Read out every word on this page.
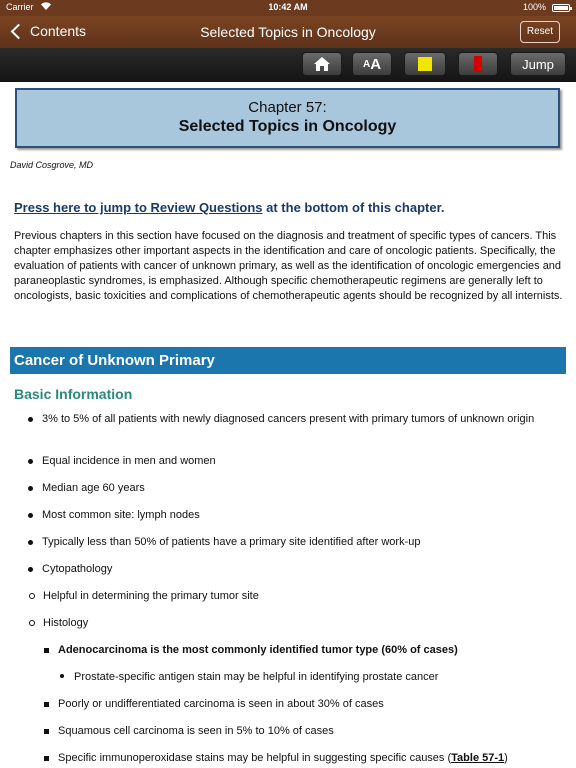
Carrier	10:42 AM	100%
Contents	Selected Topics in Oncology	Reset
A A	Jump
Chapter 57:
Selected Topics in Oncology
David Cosgrove, MD
Press here to jump to Review Questions at the bottom of this chapter.
Previous chapters in this section have focused on the diagnosis and treatment of specific types of cancers. This chapter emphasizes other important aspects in the identification and care of oncologic patients. Specifically, the evaluation of patients with cancer of unknown primary, as well as the identification of oncologic emergencies and paraneoplastic syndromes, is emphasized. Although specific chemotherapeutic regimens are generally left to oncologists, basic toxicities and complications of chemotherapeutic agents should be recognized by all internists.
Cancer of Unknown Primary
Basic Information
3% to 5% of all patients with newly diagnosed cancers present with primary tumors of unknown origin
Equal incidence in men and women
Median age 60 years
Most common site: lymph nodes
Typically less than 50% of patients have a primary site identified after work-up
Cytopathology
Helpful in determining the primary tumor site
Histology
Adenocarcinoma is the most commonly identified tumor type (60% of cases)
Prostate-specific antigen stain may be helpful in identifying prostate cancer
Poorly or undifferentiated carcinoma is seen in about 30% of cases
Squamous cell carcinoma is seen in 5% to 10% of cases
Specific immunoperoxidase stains may be helpful in suggesting specific causes (Table 57-1)
